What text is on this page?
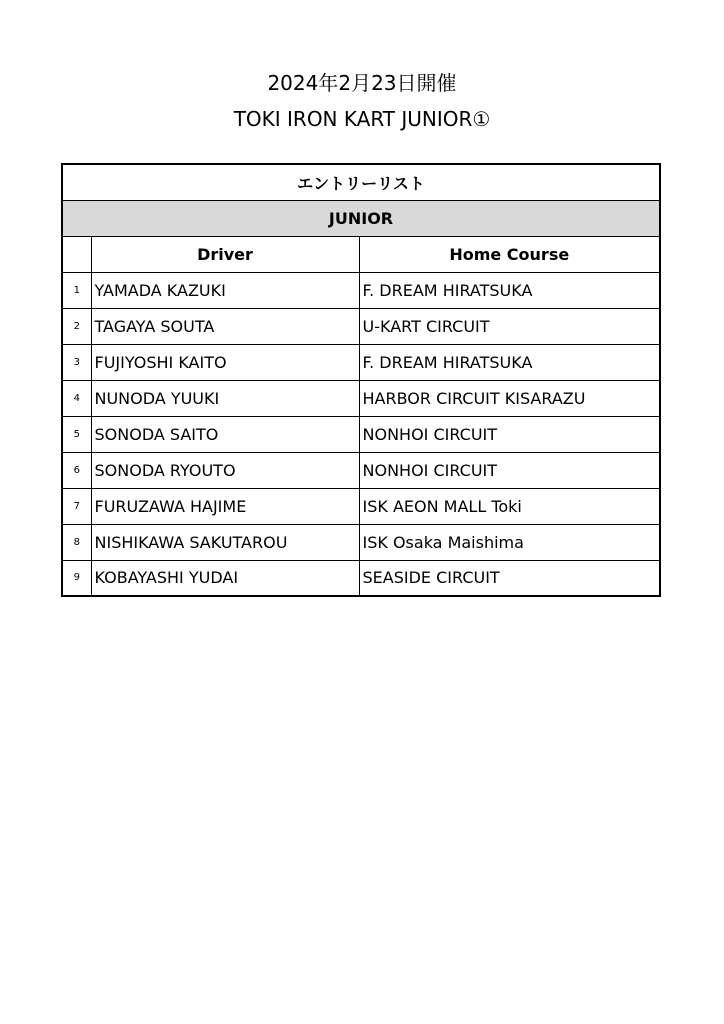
2024年2月23日開催
TOKI IRON KART JUNIOR①
エントリーリスト		
JUNIOR		
	Driver	Home Course
1	YAMADA KAZUKI	F. DREAM HIRATSUKA
2	TAGAYA SOUTA	U-KART CIRCUIT
3	FUJIYOSHI KAITO	F. DREAM HIRATSUKA
4	NUNODA YUUKI	HARBOR CIRCUIT KISARAZU
5	SONODA SAITO	NONHOI CIRCUIT
6	SONODA RYOUTO	NONHOI CIRCUIT
7	FURUZAWA HAJIME	ISK AEON MALL Toki
8	NISHIKAWA SAKUTAROU	ISK Osaka Maishima
9	KOBAYASHI YUDAI	SEASIDE CIRCUIT
